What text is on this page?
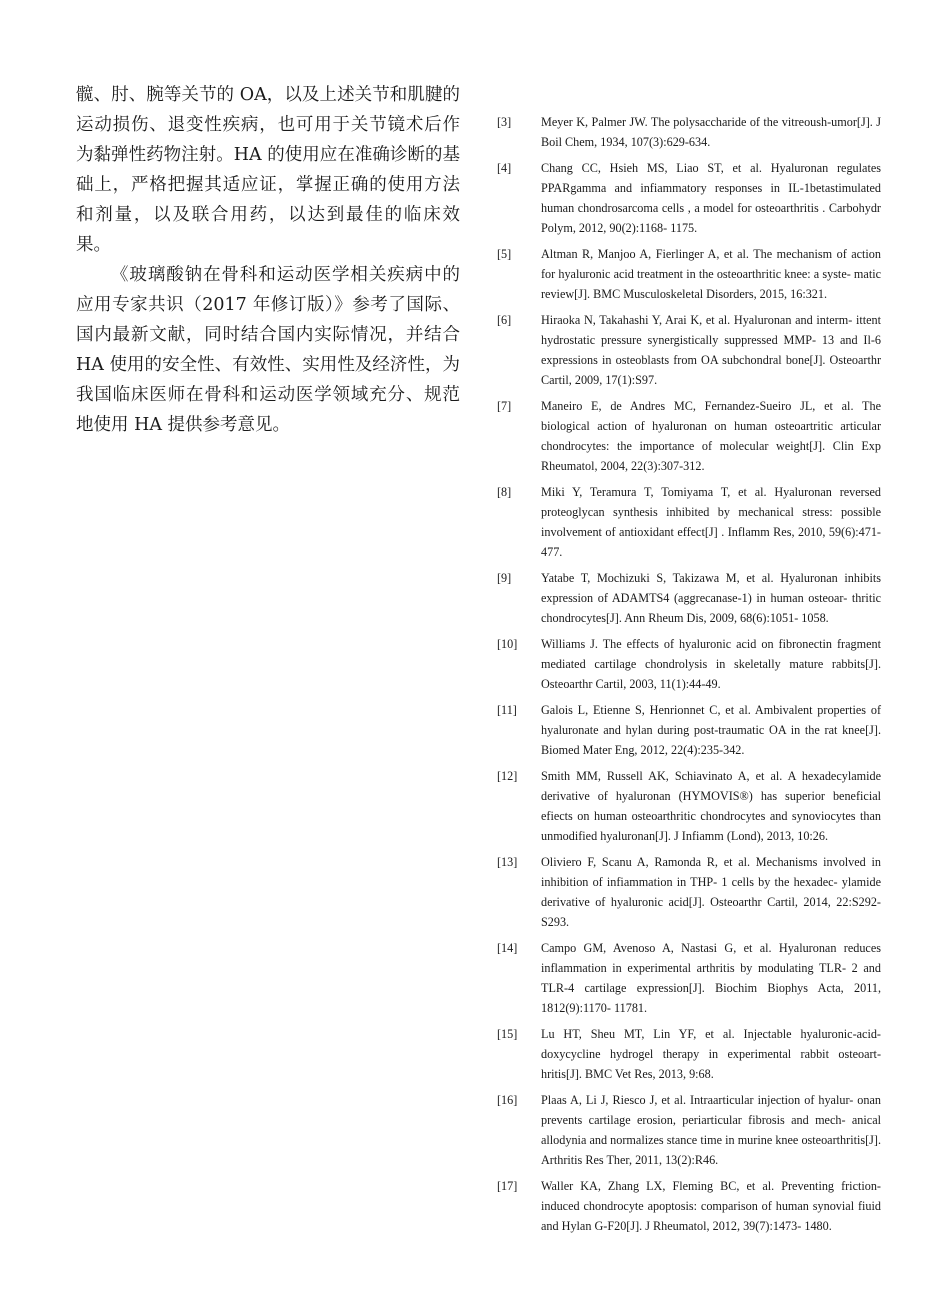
髋、肘、腕等关节的 OA，以及上述关节和肌腱的运动损伤、退变性疾病，也可用于关节镜术后作为黏弹性药物注射。HA 的使用应在准确诊断的基础上，严格把握其适应证，掌握正确的使用方法和剂量，以及联合用药，以达到最佳的临床效果。

《玻璃酸钠在骨科和运动医学相关疾病中的应用专家共识（2017 年修订版）》参考了国际、国内最新文献，同时结合国内实际情况，并结合 HA 使用的安全性、有效性、实用性及经济性，为我国临床医师在骨科和运动医学领域充分、规范地使用 HA 提供参考意见。

[3] Meyer K, Palmer JW. The polysaccharide of the vitreoush-umor[J]. J Boil Chem, 1934, 107(3):629-634.
[4] Chang CC, Hsieh MS, Liao ST, et al. Hyaluronan regulates PPARgamma and infiammatory responses in IL-1betastimulated human chondrosarcoma cells , a model for osteoarthritis . Carbohydr Polym, 2012, 90(2):1168- 1175.
[5] Altman R, Manjoo A, Fierlinger A, et al. The mechanism of action for hyaluronic acid treatment in the osteoarthritic knee: a syste- matic review[J]. BMC Musculoskeletal Disorders, 2015, 16:321.
[6] Hiraoka N, Takahashi Y, Arai K, et al. Hyaluronan and interm- ittent hydrostatic pressure synergistically suppressed MMP- 13 and Il-6 expressions in osteoblasts from OA subchondral bone[J]. Osteoarthr Cartil, 2009, 17(1):S97.
[7] Maneiro E, de Andres MC, Fernandez-Sueiro JL, et al. The biological action of hyaluronan on human osteoartritic articular chondrocytes: the importance of molecular weight[J]. Clin Exp Rheumatol, 2004, 22(3):307-312.
[8] Miki Y, Teramura T, Tomiyama T, et al. Hyaluronan reversed proteoglycan synthesis inhibited by mechanical stress: possible involvement of antioxidant effect[J] . Inflamm Res, 2010, 59(6):471-477.
[9] Yatabe T, Mochizuki S, Takizawa M, et al. Hyaluronan inhibits expression of ADAMTS4 (aggrecanase-1) in human osteoar- thritic chondrocytes[J]. Ann Rheum Dis, 2009, 68(6):1051- 1058.
[10] Williams J. The effects of hyaluronic acid on fibronectin fragment mediated cartilage chondrolysis in skeletally mature rabbits[J]. Osteoarthr Cartil, 2003, 11(1):44-49.
[11] Galois L, Etienne S, Henrionnet C, et al. Ambivalent properties of hyaluronate and hylan during post-traumatic OA in the rat knee[J]. Biomed Mater Eng, 2012, 22(4):235-342.
[12] Smith MM, Russell AK, Schiavinato A, et al. A hexadecylamide derivative of hyaluronan (HYMOVIS®) has superior beneficial efiects on human osteoarthritic chondrocytes and synoviocytes than unmodified hyaluronan[J]. J Infiamm (Lond), 2013, 10:26.
[13] Oliviero F, Scanu A, Ramonda R, et al. Mechanisms involved in inhibition of infiammation in THP- 1 cells by the hexadec- ylamide derivative of hyaluronic acid[J]. Osteoarthr Cartil, 2014, 22:S292-S293.
[14] Campo GM, Avenoso A, Nastasi G, et al. Hyaluronan reduces inflammation in experimental arthritis by modulating TLR- 2 and TLR-4 cartilage expression[J]. Biochim Biophys Acta, 2011, 1812(9):1170- 11781.
[15] Lu HT, Sheu MT, Lin YF, et al. Injectable hyaluronic-acid-doxycycline hydrogel therapy in experimental rabbit osteoart-hritis[J]. BMC Vet Res, 2013, 9:68.
[16] Plaas A, Li J, Riesco J, et al. Intraarticular injection of hyalur- onan prevents cartilage erosion, periarticular fibrosis and mech- anical allodynia and normalizes stance time in murine knee osteoarthritis[J]. Arthritis Res Ther, 2011, 13(2):R46.
[17] Waller KA, Zhang LX, Fleming BC, et al. Preventing friction- induced chondrocyte apoptosis: comparison of human synovial fiuid and Hylan G-F20[J]. J Rheumatol, 2012, 39(7):1473- 1480.
